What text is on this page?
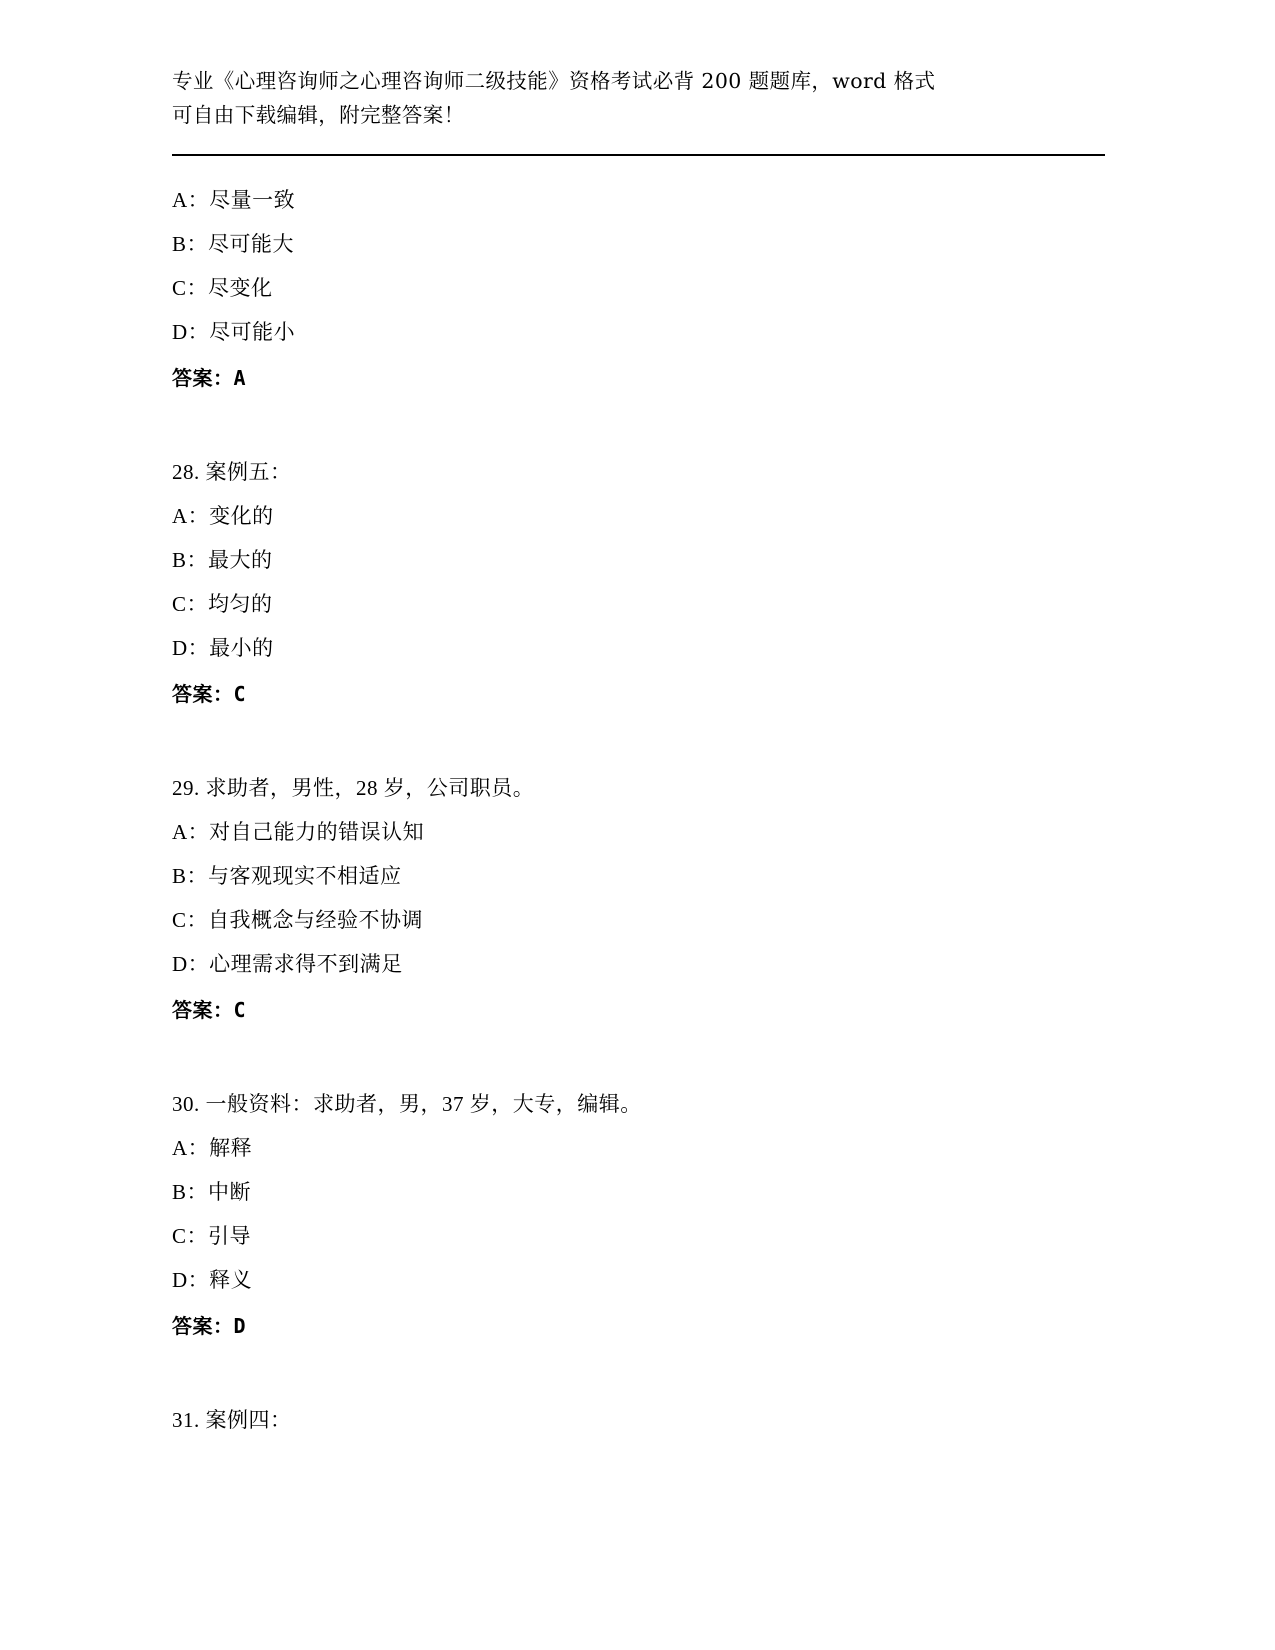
专业《心理咨询师之心理咨询师二级技能》资格考试必背 200 题题库，word 格式
可自由下载编辑，附完整答案！
A：尽量一致
B：尽可能大
C：尽变化
D：尽可能小
答案：A
28. 案例五：
A：变化的
B：最大的
C：均匀的
D：最小的
答案：C
29. 求助者，男性，28 岁，公司职员。
A：对自己能力的错误认知
B：与客观现实不相适应
C：自我概念与经验不协调
D：心理需求得不到满足
答案：C
30. 一般资料：求助者，男，37 岁，大专，编辑。
A：解释
B：中断
C：引导
D：释义
答案：D
31. 案例四：
